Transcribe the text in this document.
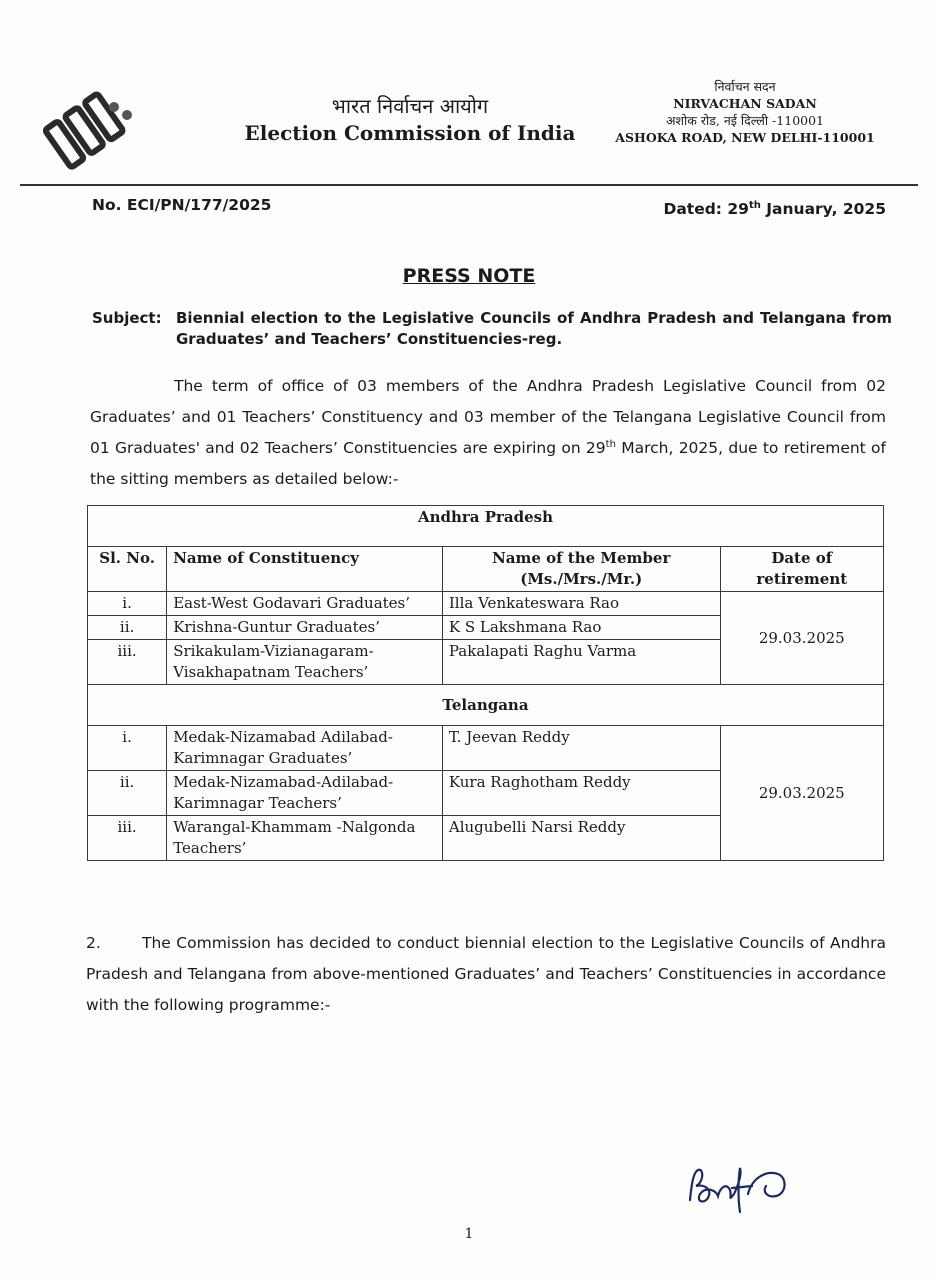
भारत निर्वाचन आयोग
Election Commission of India
निर्वाचन सदन
NIRVACHAN SADAN
अशोक रोड, नई दिल्ली -110001
ASHOKA ROAD, NEW DELHI-110001
No. ECI/PN/177/2025	Dated: 29th January, 2025
PRESS NOTE
Subject: Biennial election to the Legislative Councils of Andhra Pradesh and Telangana from Graduates’ and Teachers’ Constituencies-reg.
The term of office of 03 members of the Andhra Pradesh Legislative Council from 02 Graduates’ and 01 Teachers’ Constituency and 03 member of the Telangana Legislative Council from 01 Graduates' and 02 Teachers’ Constituencies are expiring on 29th March, 2025, due to retirement of the sitting members as detailed below:-
Andhra Pradesh			
Sl. No.	Name of Constituency	Name of the Member (Ms./Mrs./Mr.)	Date of retirement
i.	East-West Godavari Graduates’	Illa Venkateswara Rao	29.03.2025
ii.	Krishna-Guntur Graduates’	K S Lakshmana Rao	
iii.	Srikakulam-Vizianagaram-Visakhapatnam Teachers’	Pakalapati Raghu Varma	
Telangana			
i.	Medak-Nizamabad Adilabad-Karimnagar Graduates’	T. Jeevan Reddy	29.03.2025
ii.	Medak-Nizamabad-Adilabad-Karimnagar Teachers’	Kura Raghotham Reddy	
iii.	Warangal-Khammam -Nalgonda Teachers’	Alugubelli Narsi Reddy	
2.	The Commission has decided to conduct biennial election to the Legislative Councils of Andhra Pradesh and Telangana from above-mentioned Graduates’ and Teachers’ Constituencies in accordance with the following programme:-
1
